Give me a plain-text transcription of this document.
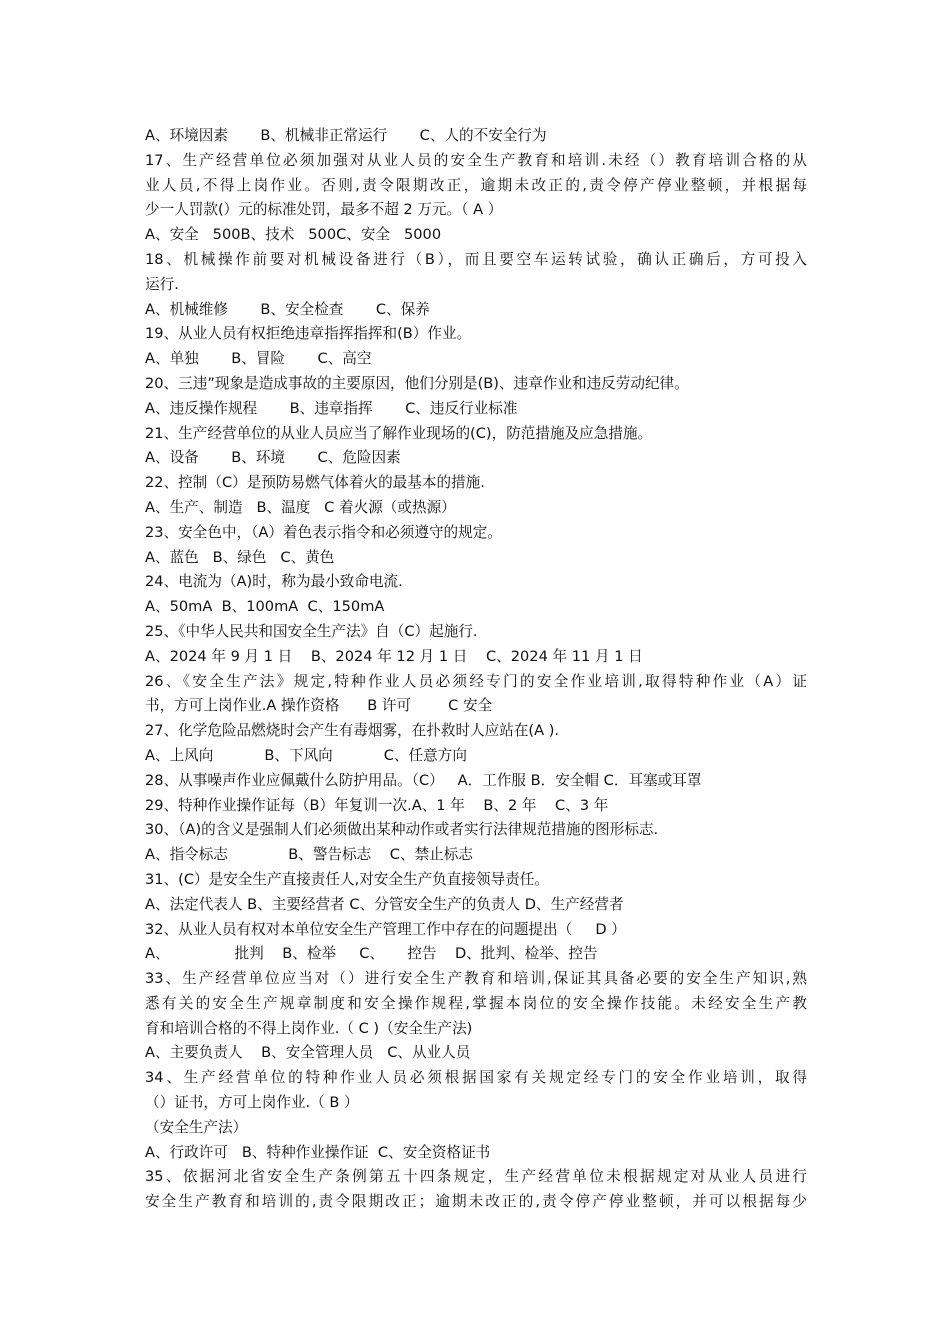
A、环境因素       B、机械非正常运行       C、人的不安全行为
17、生产经营单位必须加强对从业人员的安全生产教育和培训.未经（）教育培训合格的从
业人员,不得上岗作业。否则,责令限期改正，逾期未改正的,责令停产停业整顿，并根据每
少一人罚款(）元的标准处罚，最多不超 2 万元。（ A ）
A、安全   500B、技术   500C、安全   5000
18、机械操作前要对机械设备进行（B），而且要空车运转试验，确认正确后，方可投入
运行.
A、机械维修       B、安全检查       C、保养
19、从业人员有权拒绝违章指挥指挥和(B）作业。
A、单独       B、冒险       C、高空
20、三违”现象是造成事故的主要原因，他们分别是(B)、违章作业和违反劳动纪律。
A、违反操作规程       B、违章指挥       C、违反行业标准
21、生产经营单位的从业人员应当了解作业现场的(C)，防范措施及应急措施。
A、设备       B、环境       C、危险因素
22、控制（C）是预防易燃气体着火的最基本的措施.
A、生产、制造   B、温度   C 着火源（或热源）
23、安全色中，（A）着色表示指令和必须遵守的规定。
A、蓝色   B、绿色   C、黄色
24、电流为（A)时，称为最小致命电流.
A、50mA  B、100mA  C、150mA
25、《中华人民共和国安全生产法》自（C）起施行.
A、2024 年 9 月 1 日    B、2024 年 12 月 1 日    C、2024 年 11 月 1 日
26、《安全生产法》规定,特种作业人员必须经专门的安全作业培训,取得特种作业（A）证
书，方可上岗作业.A 操作资格      B 许可        C 安全
27、化学危险品燃烧时会产生有毒烟雾，在扑救时人应站在(A ).
A、上风向           B、下风向           C、任意方向
28、从事噪声作业应佩戴什么防护用品。（C）   A．工作服 B．安全帽 C．耳塞或耳罩
29、特种作业操作证每（B）年复训一次.A、1 年    B、2 年    C、3 年
30、（A)的含义是强制人们必须做出某种动作或者实行法律规范措施的图形标志.
A、指令标志             B、警告标志    C、禁止标志
31、(C）是安全生产直接责任人,对安全生产负直接领导责任。
A、法定代表人 B、主要经营者 C、分管安全生产的负责人 D、生产经营者
32、从业人员有权对本单位安全生产管理工作中存在的问题提出（     D ）
A、              批判    B、检举     C、     控告    D、批判、检举、控告
33、生产经营单位应当对（）进行安全生产教育和培训,保证其具备必要的安全生产知识,熟
悉有关的安全生产规章制度和安全操作规程,掌握本岗位的安全操作技能。未经安全生产教
育和培训合格的不得上岗作业.（ C )（安全生产法)
A、主要负责人    B、安全管理人员   C、从业人员
34、生产经营单位的特种作业人员必须根据国家有关规定经专门的安全作业培训，取得
（）证书，方可上岗作业.（ B ）
（安全生产法）
A、行政许可   B、特种作业操作证  C、安全资格证书
35、依据河北省安全生产条例第五十四条规定，生产经营单位未根据规定对从业人员进行
安全生产教育和培训的,责令限期改正；逾期未改正的,责令停产停业整顿，并可以根据每少
